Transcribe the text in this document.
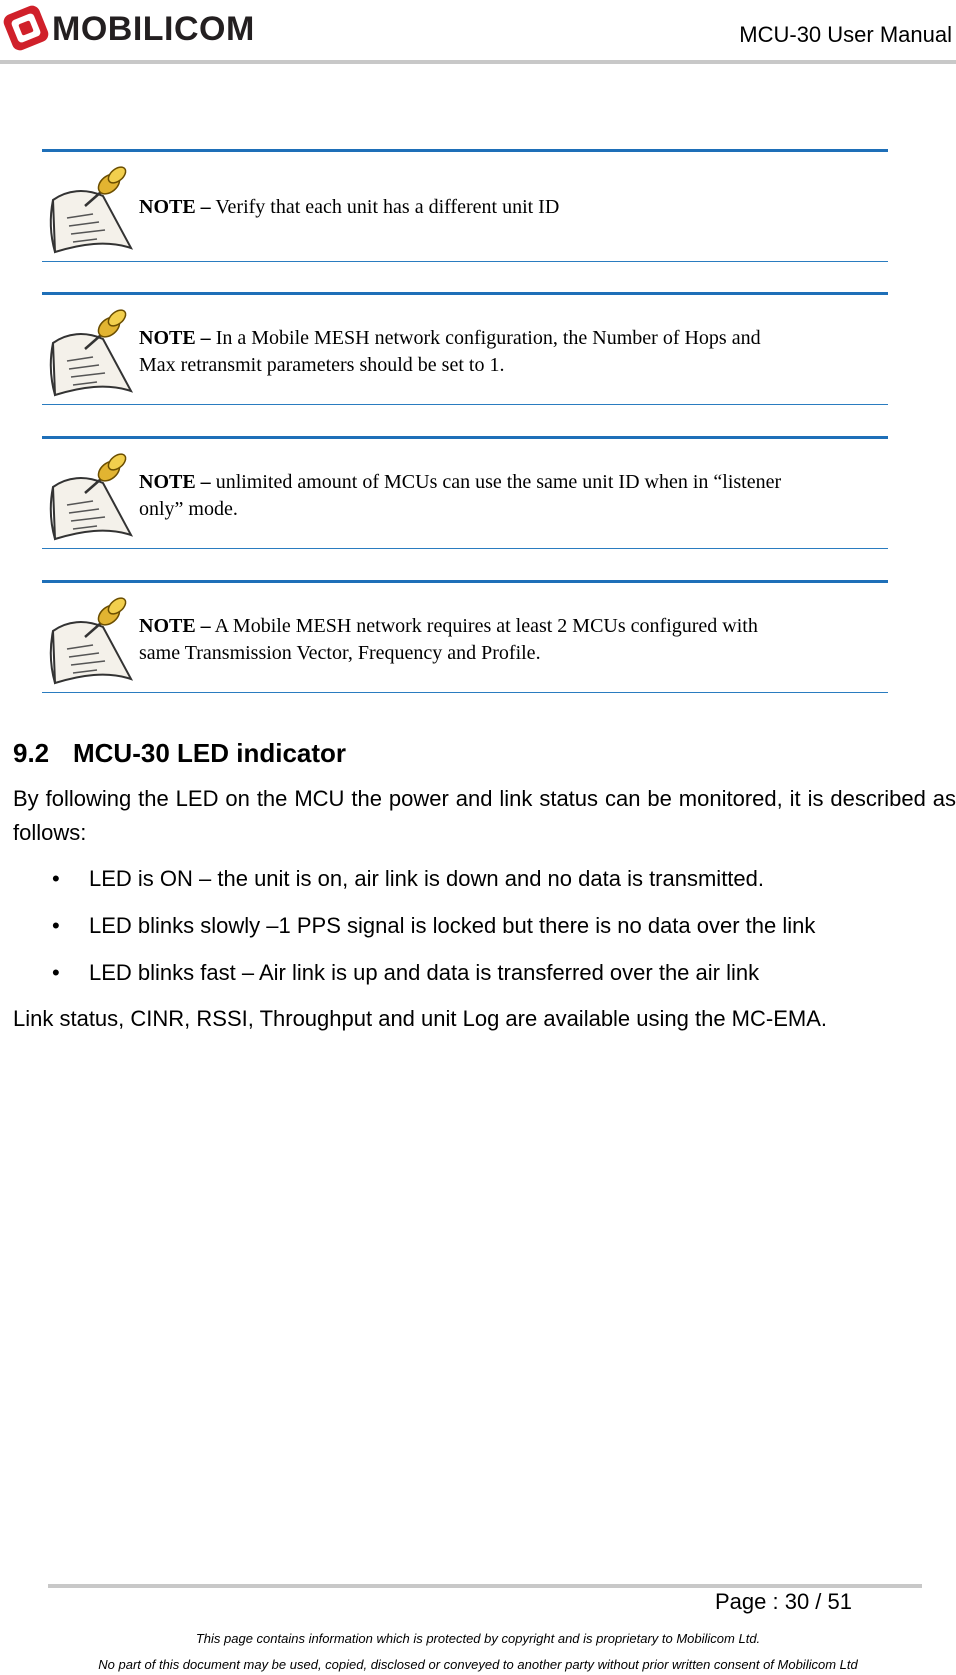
MOBILICOM	MCU-30 User Manual
NOTE – Verify that each unit has a different unit ID
NOTE – In a Mobile MESH network configuration, the Number of Hops and
Max retransmit parameters should be set to 1.
NOTE – unlimited amount of MCUs can use the same unit ID when in “listener
only” mode.
NOTE – A Mobile MESH network requires at least 2 MCUs configured with
same Transmission Vector, Frequency and Profile.
9.2 MCU-30 LED indicator
By following the LED on the MCU the power and link status can be monitored, it is described as follows:
• LED is ON – the unit is on, air link is down and no data is transmitted.
• LED blinks slowly –1 PPS signal is locked but there is no data over the link
• LED blinks fast – Air link is up and data is transferred over the air link
Link status, CINR, RSSI, Throughput and unit Log are available using the MC-EMA.
Page : 30 / 51
This page contains information which is protected by copyright and is proprietary to Mobilicom Ltd.
No part of this document may be used, copied, disclosed or conveyed to another party without prior written consent of Mobilicom Ltd
